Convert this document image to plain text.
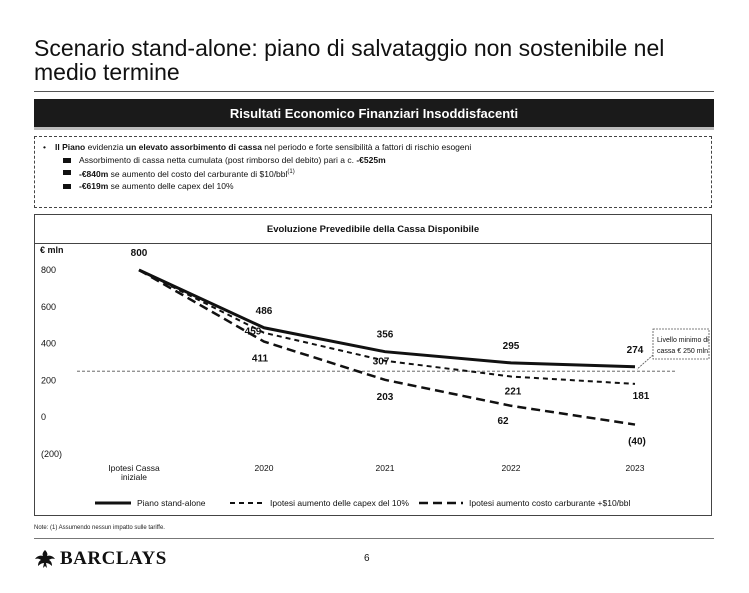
Scenario stand-alone: piano di salvataggio non sostenibile nel medio termine
Risultati Economico Finanziari Insoddisfacenti
•	Il Piano evidenzia un elevato assorbimento di cassa nel periodo e forte sensibilità a fattori di rischio esogeni
Assorbimento di cassa netta cumulata (post rimborso del debito) pari a c. -€525m
-€840m se aumento del costo del carburante di $10/bbl$^{(1)}$
-€619m se aumento delle capex del 10%
Evoluzione Prevedibile della Cassa Disponibile
€ mln
800
600
400
200
0
(200)
Livello minimo di
cassa € 250 mln
800
486
356
295	274
459
307
221	181
411
203
62
(40)
Ipotesi Cassa
iniziale
2020	2021	2022	2023
Piano stand-alone	Ipotesi aumento delle capex del 10%	Ipotesi aumento costo carburante +$10/bbl
Note: (1) Assumendo nessun impatto sulle tariffe.
BARCLAYS	6
